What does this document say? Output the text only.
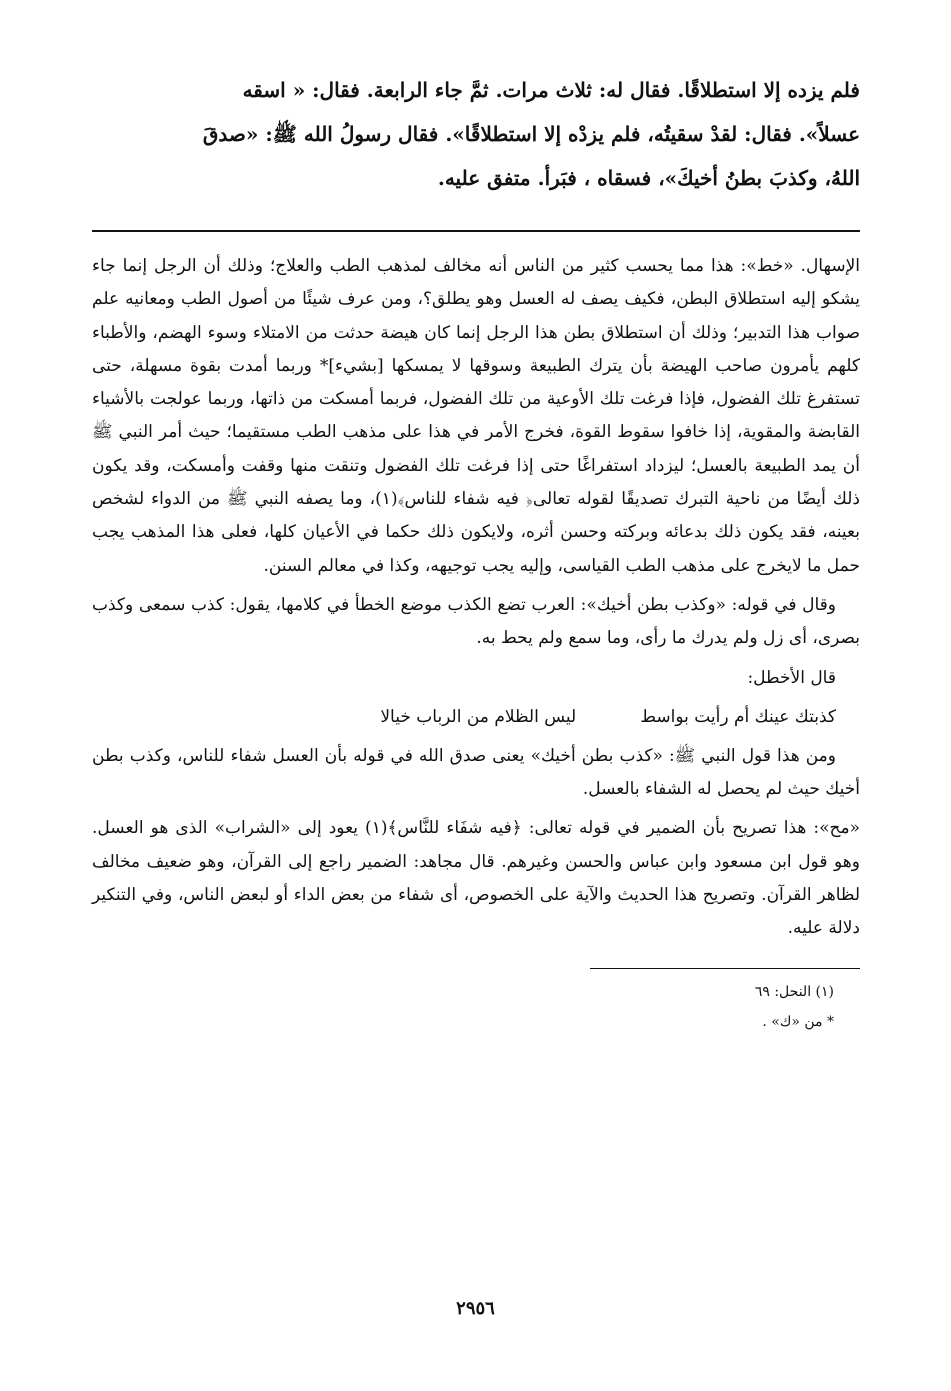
فلم يزده إلا استطلاقًا. فقال له: ثلاث مرات. ثمَّ جاء الرابعة. فقال: « اسقه

عسلاً». فقال: لقدْ سقيتُه، فلم يزدْه إلا استطلاقًا». فقال رسولُ الله ﷺ: «صدقَ

اللهُ، وكذبَ بطنُ أخيكَ»، فسقاه ، فبَرأ. متفق عليه.

الإسهال. «خط»: هذا مما يحسب كثير من الناس أنه مخالف لمذهب الطب والعلاج؛ وذلك أن الرجل إنما جاء يشكو إليه استطلاق البطن، فكيف يصف له العسل وهو يطلق؟، ومن عرف شيئًا من أصول الطب ومعانيه علم صواب هذا التدبير؛ وذلك أن استطلاق بطن هذا الرجل إنما كان هيضة حدثت من الامتلاء وسوء الهضم، والأطباء كلهم يأمرون صاحب الهيضة بأن يترك الطبيعة وسوقها لا يمسكها [بشيء]* وربما أمدت بقوة مسهلة، حتى تستفرغ تلك الفضول، فإذا فرغت تلك الأوعية من تلك الفضول، فربما أمسكت من ذاتها، وربما عولجت بالأشياء القابضة والمقوية، إذا خافوا سقوط القوة، فخرج الأمر في هذا على مذهب الطب مستقيما؛ حيث أمر النبي ﷺ أن يمد الطبيعة بالعسل؛ ليزداد استفراغًا حتى إذا فرغت تلك الفضول وتنقت منها وقفت وأمسكت، وقد يكون ذلك أيضًا من ناحية التبرك تصديقًا لقوله تعالى﴿ فيه شفاء للناس﴾(١)، وما يصفه النبي ﷺ من الدواء لشخص بعينه، فقد يكون ذلك بدعائه وبركته وحسن أثره، ولايكون ذلك حكما في الأعيان كلها، فعلى هذا المذهب يجب حمل ما لايخرج على مذهب الطب القياسى، وإليه يجب توجيهه، وكذا في معالم السنن.

وقال في قوله: «وكذب بطن أخيك»: العرب تضع الكذب موضع الخطأ في كلامها، يقول: كذب سمعى وكذب بصرى، أى زل ولم يدرك ما رأى، وما سمع ولم يحط به.

قال الأخطل:

كذبتك عينك أم رأيت بواسط
ليس الظلام من الرباب خيالا

ومن هذا قول النبي ﷺ: «كذب بطن أخيك» يعنى صدق الله في قوله بأن العسل شفاء للناس، وكذب بطن أخيك حيث لم يحصل له الشفاء بالعسل.

«مح»: هذا تصريح بأن الضمير في قوله تعالى: ﴿فيه شفَاء للنَّاس﴾(١) يعود إلى «الشراب» الذى هو العسل. وهو قول ابن مسعود وابن عباس والحسن وغيرهم. قال مجاهد: الضمير راجع إلى القرآن، وهو ضعيف مخالف لظاهر القرآن. وتصريح هذا الحديث والآية على الخصوص، أى شفاء من بعض الداء أو لبعض الناس، وفي التنكير دلالة عليه.

(١) النحل: ٦٩
* من «ك» .
٢٩٥٦
